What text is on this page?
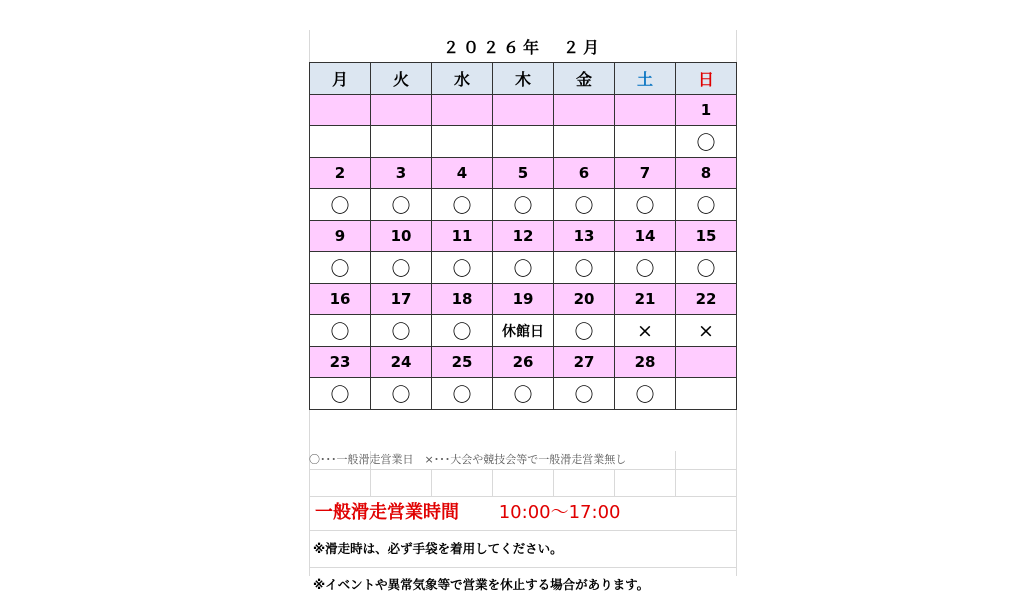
２０２６年　２月
月	火	水	木	金	土	日
						1
						〇
2	3	4	5	6	7	8
〇	〇	〇	〇	〇	〇	〇
9	10	11	12	13	14	15
〇	〇	〇	〇	〇	〇	〇
16	17	18	19	20	21	22
〇	〇	〇	休館日	〇	×	×
23	24	25	26	27	28	
〇	〇	〇	〇	〇	〇	
〇･･･一般滑走営業日　×･･･大会や競技会等で一般滑走営業無し
一般滑走営業時間 10:00～17:00
※滑走時は、必ず手袋を着用してください。
※イベントや異常気象等で営業を休止する場合があります。
